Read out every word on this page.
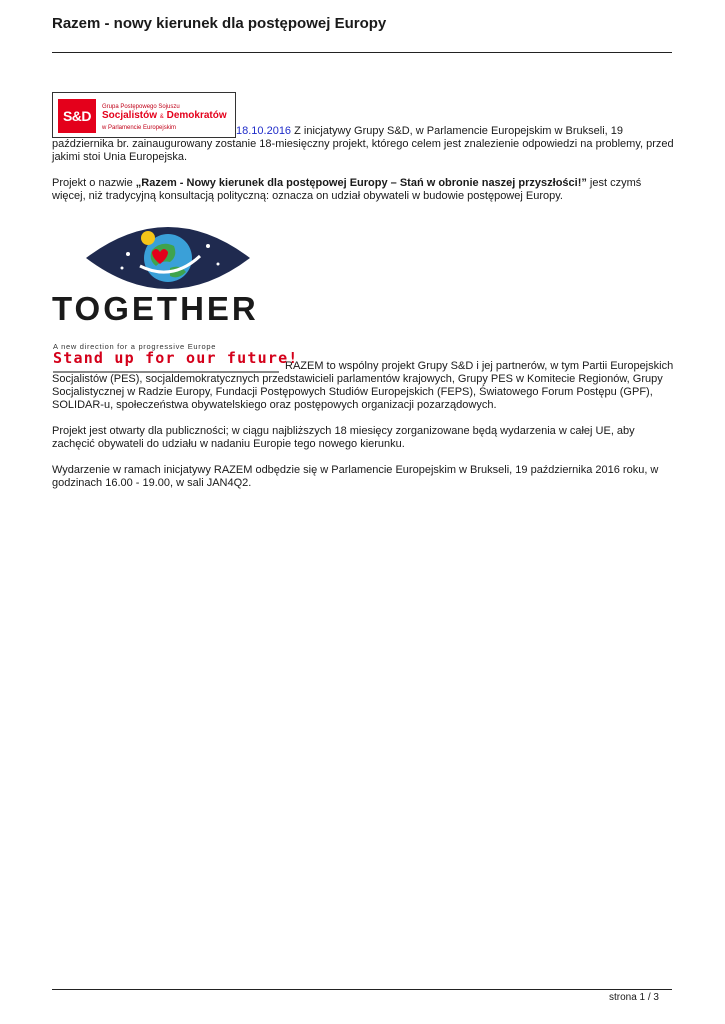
Razem - nowy kierunek dla postępowej Europy

S&D
Grupa Postępowego Sojuszu
Socjalistów & Demokratów
w Parlamencie Europejskim	18.10.2016 Z inicjatywy Grupy S&D, w Parlamencie Europejskim w Brukseli, 19 października br. zainaugurowany zostanie 18-miesięczny projekt, którego celem jest znalezienie odpowiedzi na problemy, przed jakimi stoi Unia Europejska.

Projekt o nazwie „Razem - Nowy kierunek dla postępowej Europy – Stań w obronie naszej przyszłości!” jest czymś więcej, niż tradycyjną konsultacją polityczną: oznacza on udział obywateli w budowie postępowej Europy.

TOGETHER
A new direction for a progressive Europe
Stand up for our future!
RAZEM to wspólny projekt Grupy S&D i jej partnerów, w tym Partii Europejskich Socjalistów (PES), socjaldemokratycznych przedstawicieli parlamentów krajowych, Grupy PES w Komitecie Regionów, Grupy Socjalistycznej w Radzie Europy, Fundacji Postępowych Studiów Europejskich (FEPS), Światowego Forum Postępu (GPF), SOLIDAR-u, społeczeństwa obywatelskiego oraz postępowych organizacji pozarządowych.

Projekt jest otwarty dla publiczności; w ciągu najbliższych 18 miesięcy zorganizowane będą wydarzenia w całej UE, aby zachęcić obywateli do udziału w nadaniu Europie tego nowego kierunku.

Wydarzenie w ramach inicjatywy RAZEM odbędzie się w Parlamencie Europejskim w Brukseli, 19 października 2016 roku, w godzinach 16.00 - 19.00, w sali JAN4Q2.

strona 1 / 3
